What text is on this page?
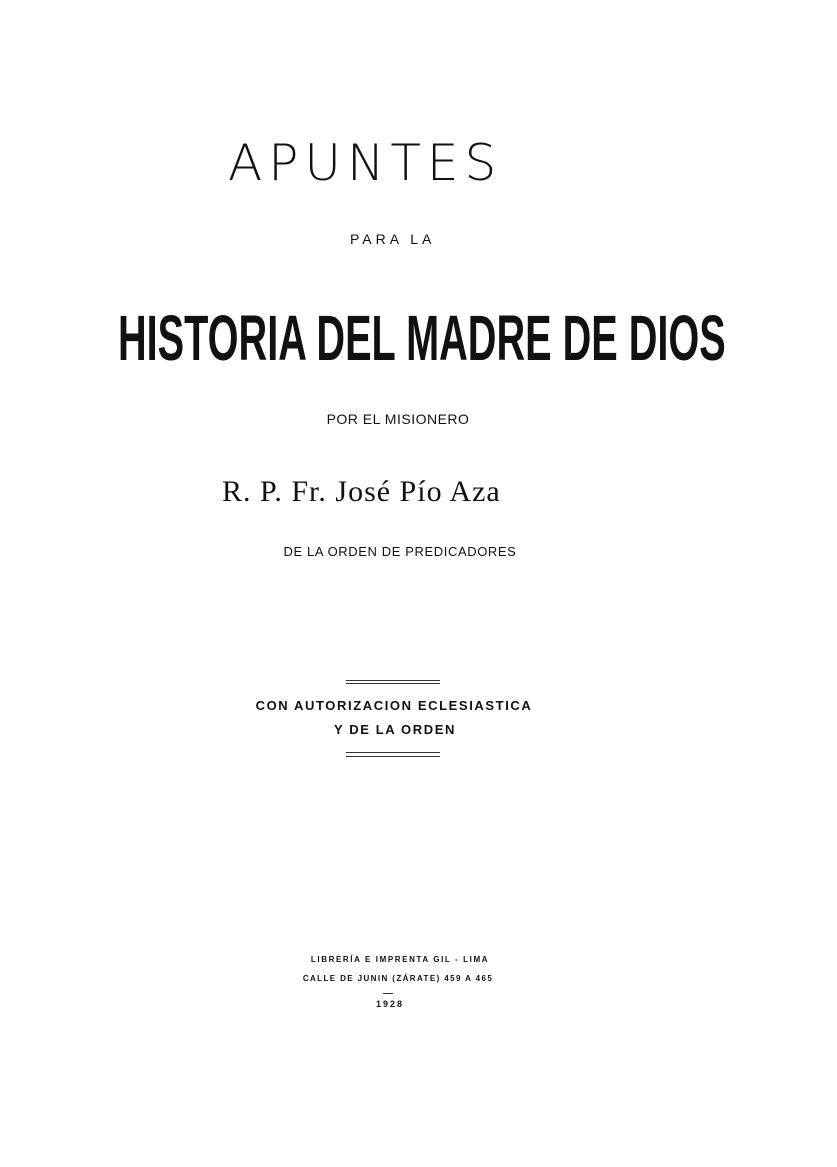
APUNTES
PARA LA
HISTORIA DEL MADRE DE DIOS
POR EL MISIONERO
R. P. Fr. José Pío Aza
DE LA ORDEN DE PREDICADORES
CON AUTORIZACION ECLESIASTICA
Y DE LA ORDEN
LIBRERÍA E IMPRENTA GIL - LIMA
CALLE DE JUNIN (ZÁRATE) 459 A 465
1928
